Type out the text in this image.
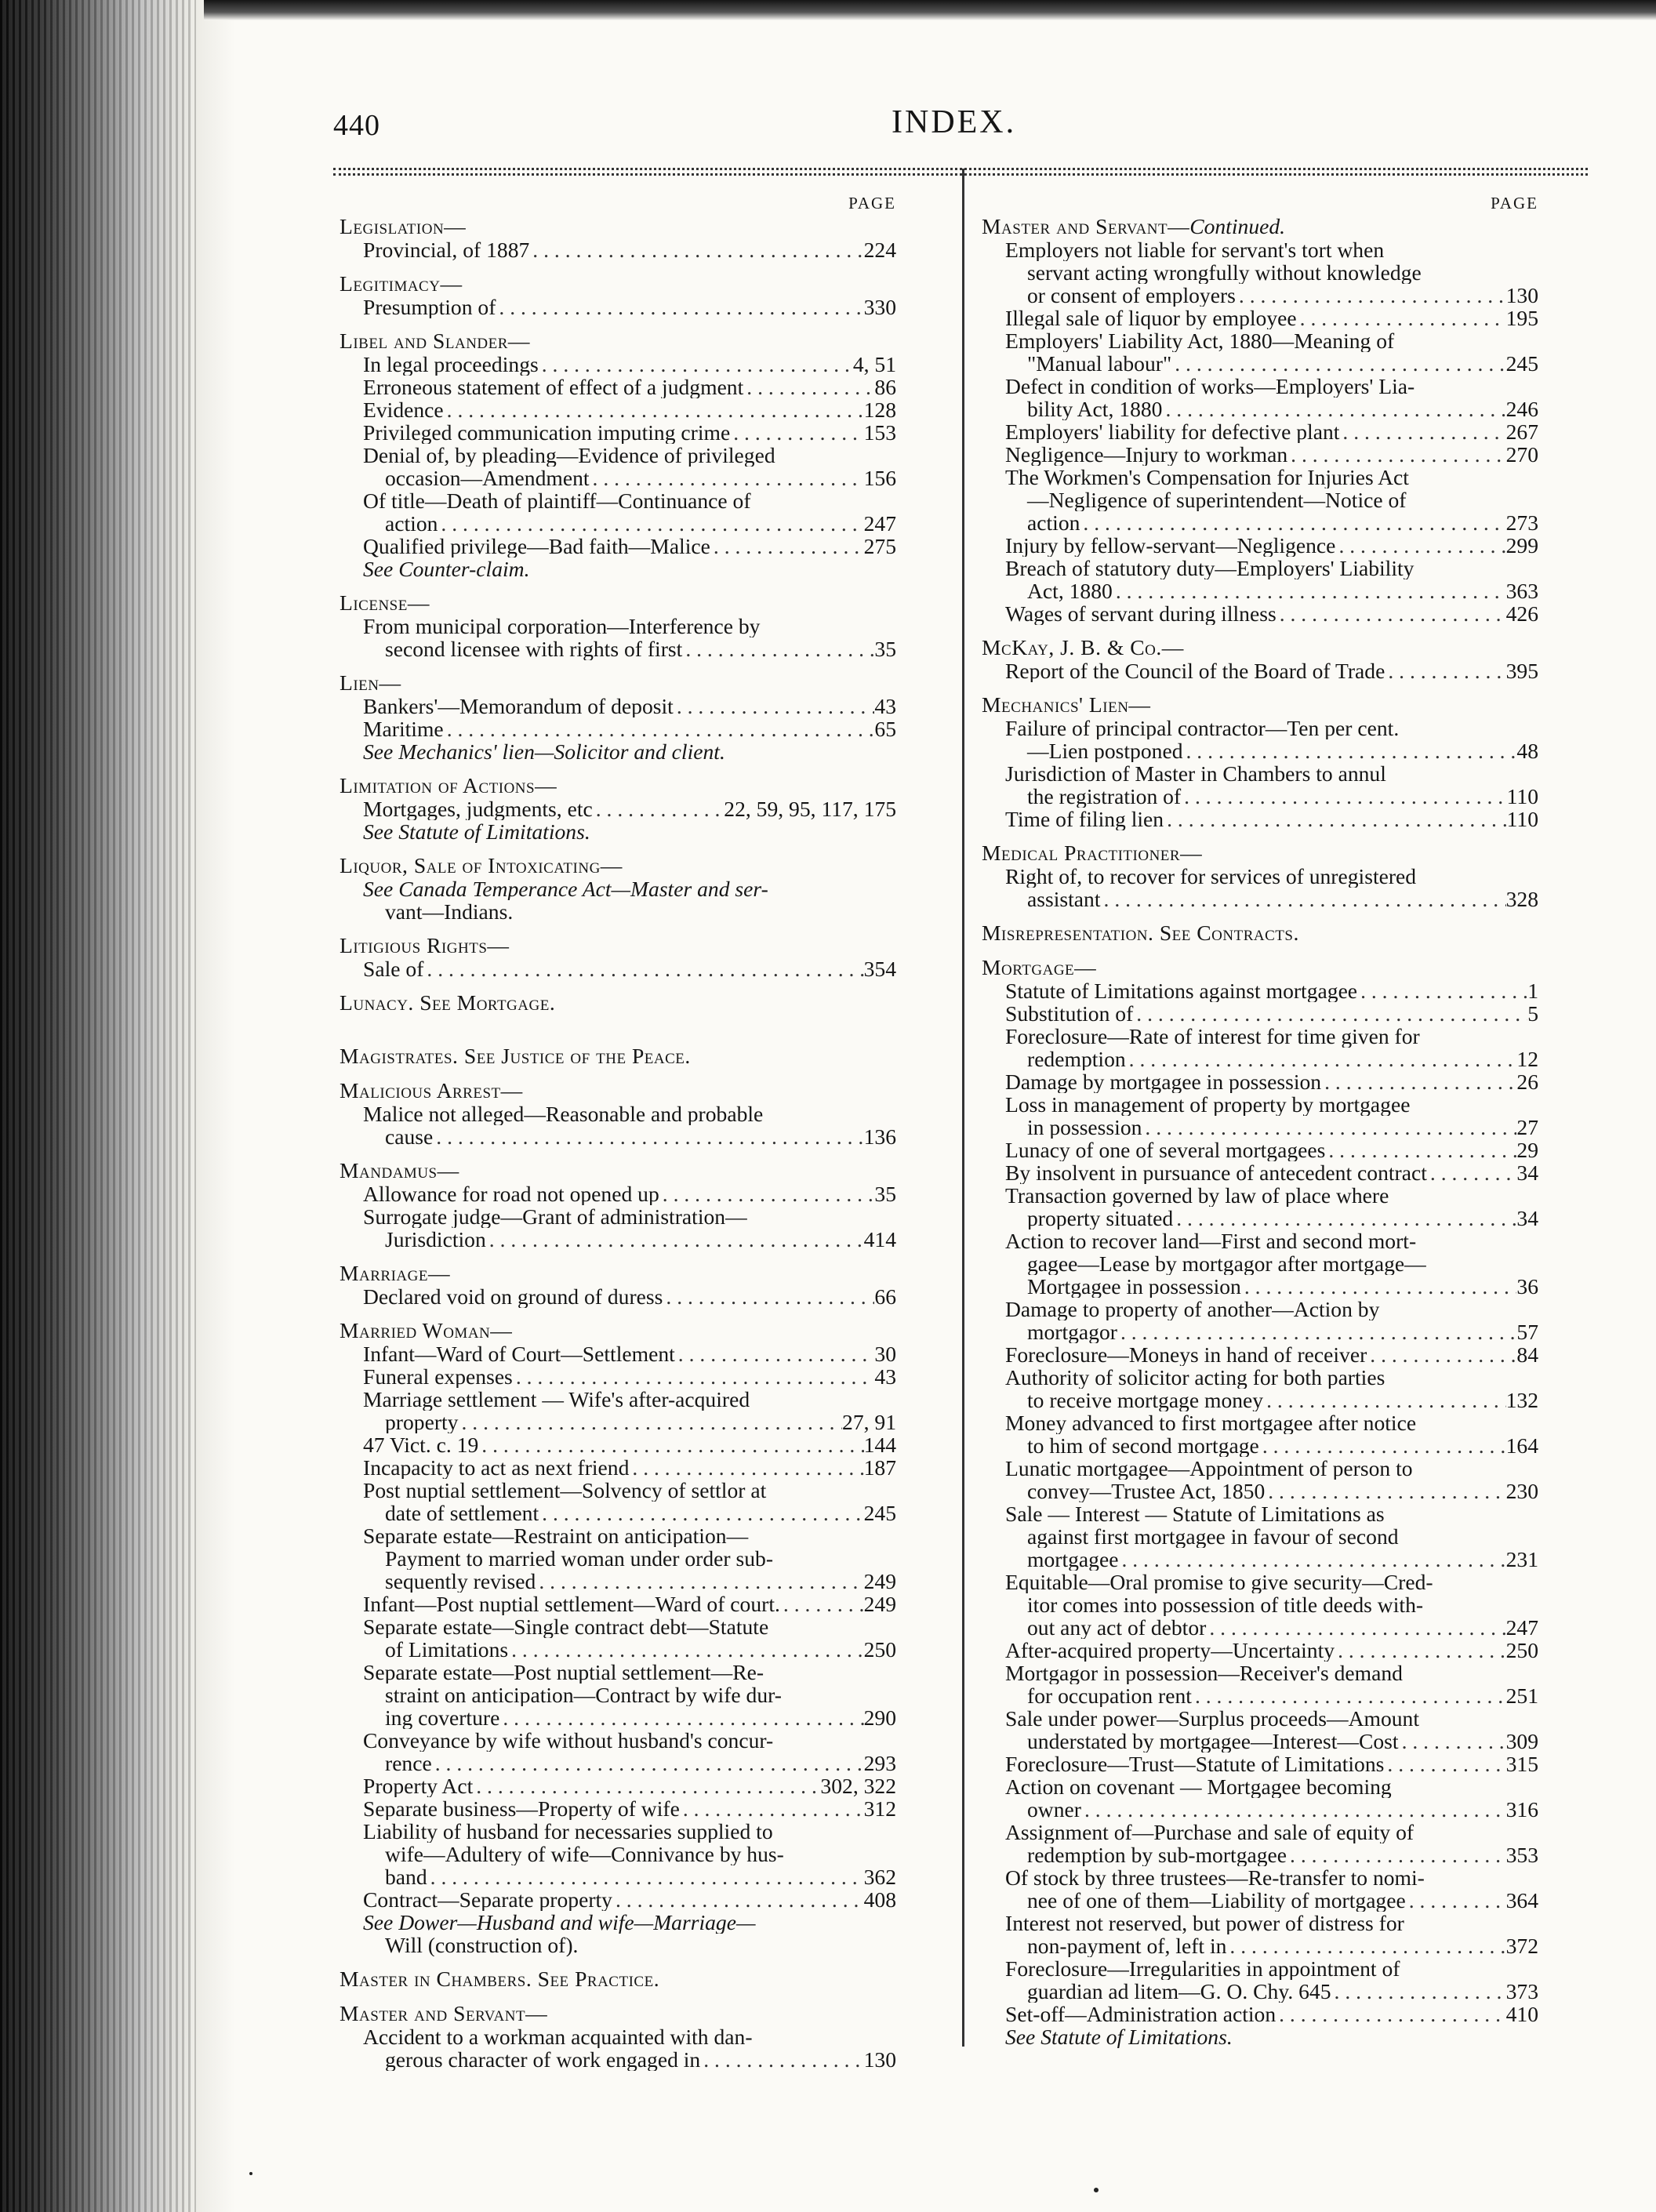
440	INDEX.
PAGE
Legislation—
Provincial, of 1887 . . .	224
Legitimacy—
Presumption of . . .	330
Libel and Slander—
In legal proceedings . . .	4, 51
Erroneous statement of effect of a judgment . . .	86
Evidence . . .	128
Privileged communication imputing crime . . .	153
Denial of, by pleading—Evidence of privileged
occasion—Amendment . . .	156
Of title—Death of plaintiff—Continuance of
action . . .	247
Qualified privilege—Bad faith—Malice . . .	275
See Counter-claim.
License—
From municipal corporation—Interference by
second licensee with rights of first . . .	35
Lien—
Bankers'—Memorandum of deposit . . .	43
Maritime . . .	65
See Mechanics' lien—Solicitor and client.
Limitation of Actions—
Mortgages, judgments, etc . . .	22, 59, 95, 117, 175
See Statute of Limitations.
Liquor, Sale of Intoxicating—
See Canada Temperance Act—Master and ser-
vant—Indians.
Litigious Rights—
Sale of . . .	354
Lunacy. See Mortgage.
Magistrates. See Justice of the Peace.
Malicious Arrest—
Malice not alleged—Reasonable and probable
cause . . .	136
Mandamus—
Allowance for road not opened up . . .	35
Surrogate judge—Grant of administration—
Jurisdiction . . .	414
Marriage—
Declared void on ground of duress . . .	66
Married Woman—
Infant—Ward of Court—Settlement . . .	30
Funeral expenses . . .	43
Marriage settlement — Wife's after-acquired
property . . .	27, 91
47 Vict. c. 19 . . .	144
Incapacity to act as next friend . . .	187
Post nuptial settlement—Solvency of settlor at
date of settlement . . .	245
Separate estate—Restraint on anticipation—
Payment to married woman under order sub-
sequently revised . . .	249
Infant—Post nuptial settlement—Ward of court. . . .	249
Separate estate—Single contract debt—Statute
of Limitations . . .	250
Separate estate—Post nuptial settlement—Re-
straint on anticipation—Contract by wife dur-
ing coverture . . .	290
Conveyance by wife without husband's concur-
rence . . .	293
Property Act . . .	302, 322
Separate business—Property of wife . . .	312
Liability of husband for necessaries supplied to
wife—Adultery of wife—Connivance by hus-
band . . .	362
Contract—Separate property . . .	408
See Dower—Husband and wife—Marriage—
Will (construction of).
Master in Chambers. See Practice.
Master and Servant—
Accident to a workman acquainted with dan-
gerous character of work engaged in . . .	130
PAGE
Master and Servant—Continued.
Employers not liable for servant's tort when
servant acting wrongfully without knowledge
or consent of employers . . .	130
Illegal sale of liquor by employee . . .	195
Employers' Liability Act, 1880—Meaning of
"Manual labour" . . .	245
Defect in condition of works—Employers' Lia-
bility Act, 1880 . . .	246
Employers' liability for defective plant . . .	267
Negligence—Injury to workman . . .	270
The Workmen's Compensation for Injuries Act
—Negligence of superintendent—Notice of
action . . .	273
Injury by fellow-servant—Negligence . . .	299
Breach of statutory duty—Employers' Liability
Act, 1880 . . .	363
Wages of servant during illness . . .	426
McKay, J. B. & Co.—
Report of the Council of the Board of Trade . . .	395
Mechanics' Lien—
Failure of principal contractor—Ten per cent.
—Lien postponed . . .	48
Jurisdiction of Master in Chambers to annul
the registration of . . .	110
Time of filing lien . . .	110
Medical Practitioner—
Right of, to recover for services of unregistered
assistant . . .	328
Misrepresentation. See Contracts.
Mortgage—
Statute of Limitations against mortgagee . . .	1
Substitution of . . .	5
Foreclosure—Rate of interest for time given for
redemption . . .	12
Damage by mortgagee in possession . . .	26
Loss in management of property by mortgagee
in possession . . .	27
Lunacy of one of several mortgagees . . .	29
By insolvent in pursuance of antecedent contract . . .	34
Transaction governed by law of place where
property situated . . .	34
Action to recover land—First and second mort-
gagee—Lease by mortgagor after mortgage—
Mortgagee in possession . . .	36
Damage to property of another—Action by
mortgagor . . .	57
Foreclosure—Moneys in hand of receiver . . .	84
Authority of solicitor acting for both parties
to receive mortgage money . . .	132
Money advanced to first mortgagee after notice
to him of second mortgage . . .	164
Lunatic mortgagee—Appointment of person to
convey—Trustee Act, 1850 . . .	230
Sale — Interest — Statute of Limitations as
against first mortgagee in favour of second
mortgagee . . .	231
Equitable—Oral promise to give security—Cred-
itor comes into possession of title deeds with-
out any act of debtor . . .	247
After-acquired property—Uncertainty . . .	250
Mortgagor in possession—Receiver's demand
for occupation rent . . .	251
Sale under power—Surplus proceeds—Amount
understated by mortgagee—Interest—Cost . . .	309
Foreclosure—Trust—Statute of Limitations . . .	315
Action on covenant — Mortgagee becoming
owner . . .	316
Assignment of—Purchase and sale of equity of
redemption by sub-mortgagee . . .	353
Of stock by three trustees—Re-transfer to nomi-
nee of one of them—Liability of mortgagee . . .	364
Interest not reserved, but power of distress for
non-payment of, left in . . .	372
Foreclosure—Irregularities in appointment of
guardian ad litem—G. O. Chy. 645 . . .	373
Set-off—Administration action . . .	410
See Statute of Limitations.
